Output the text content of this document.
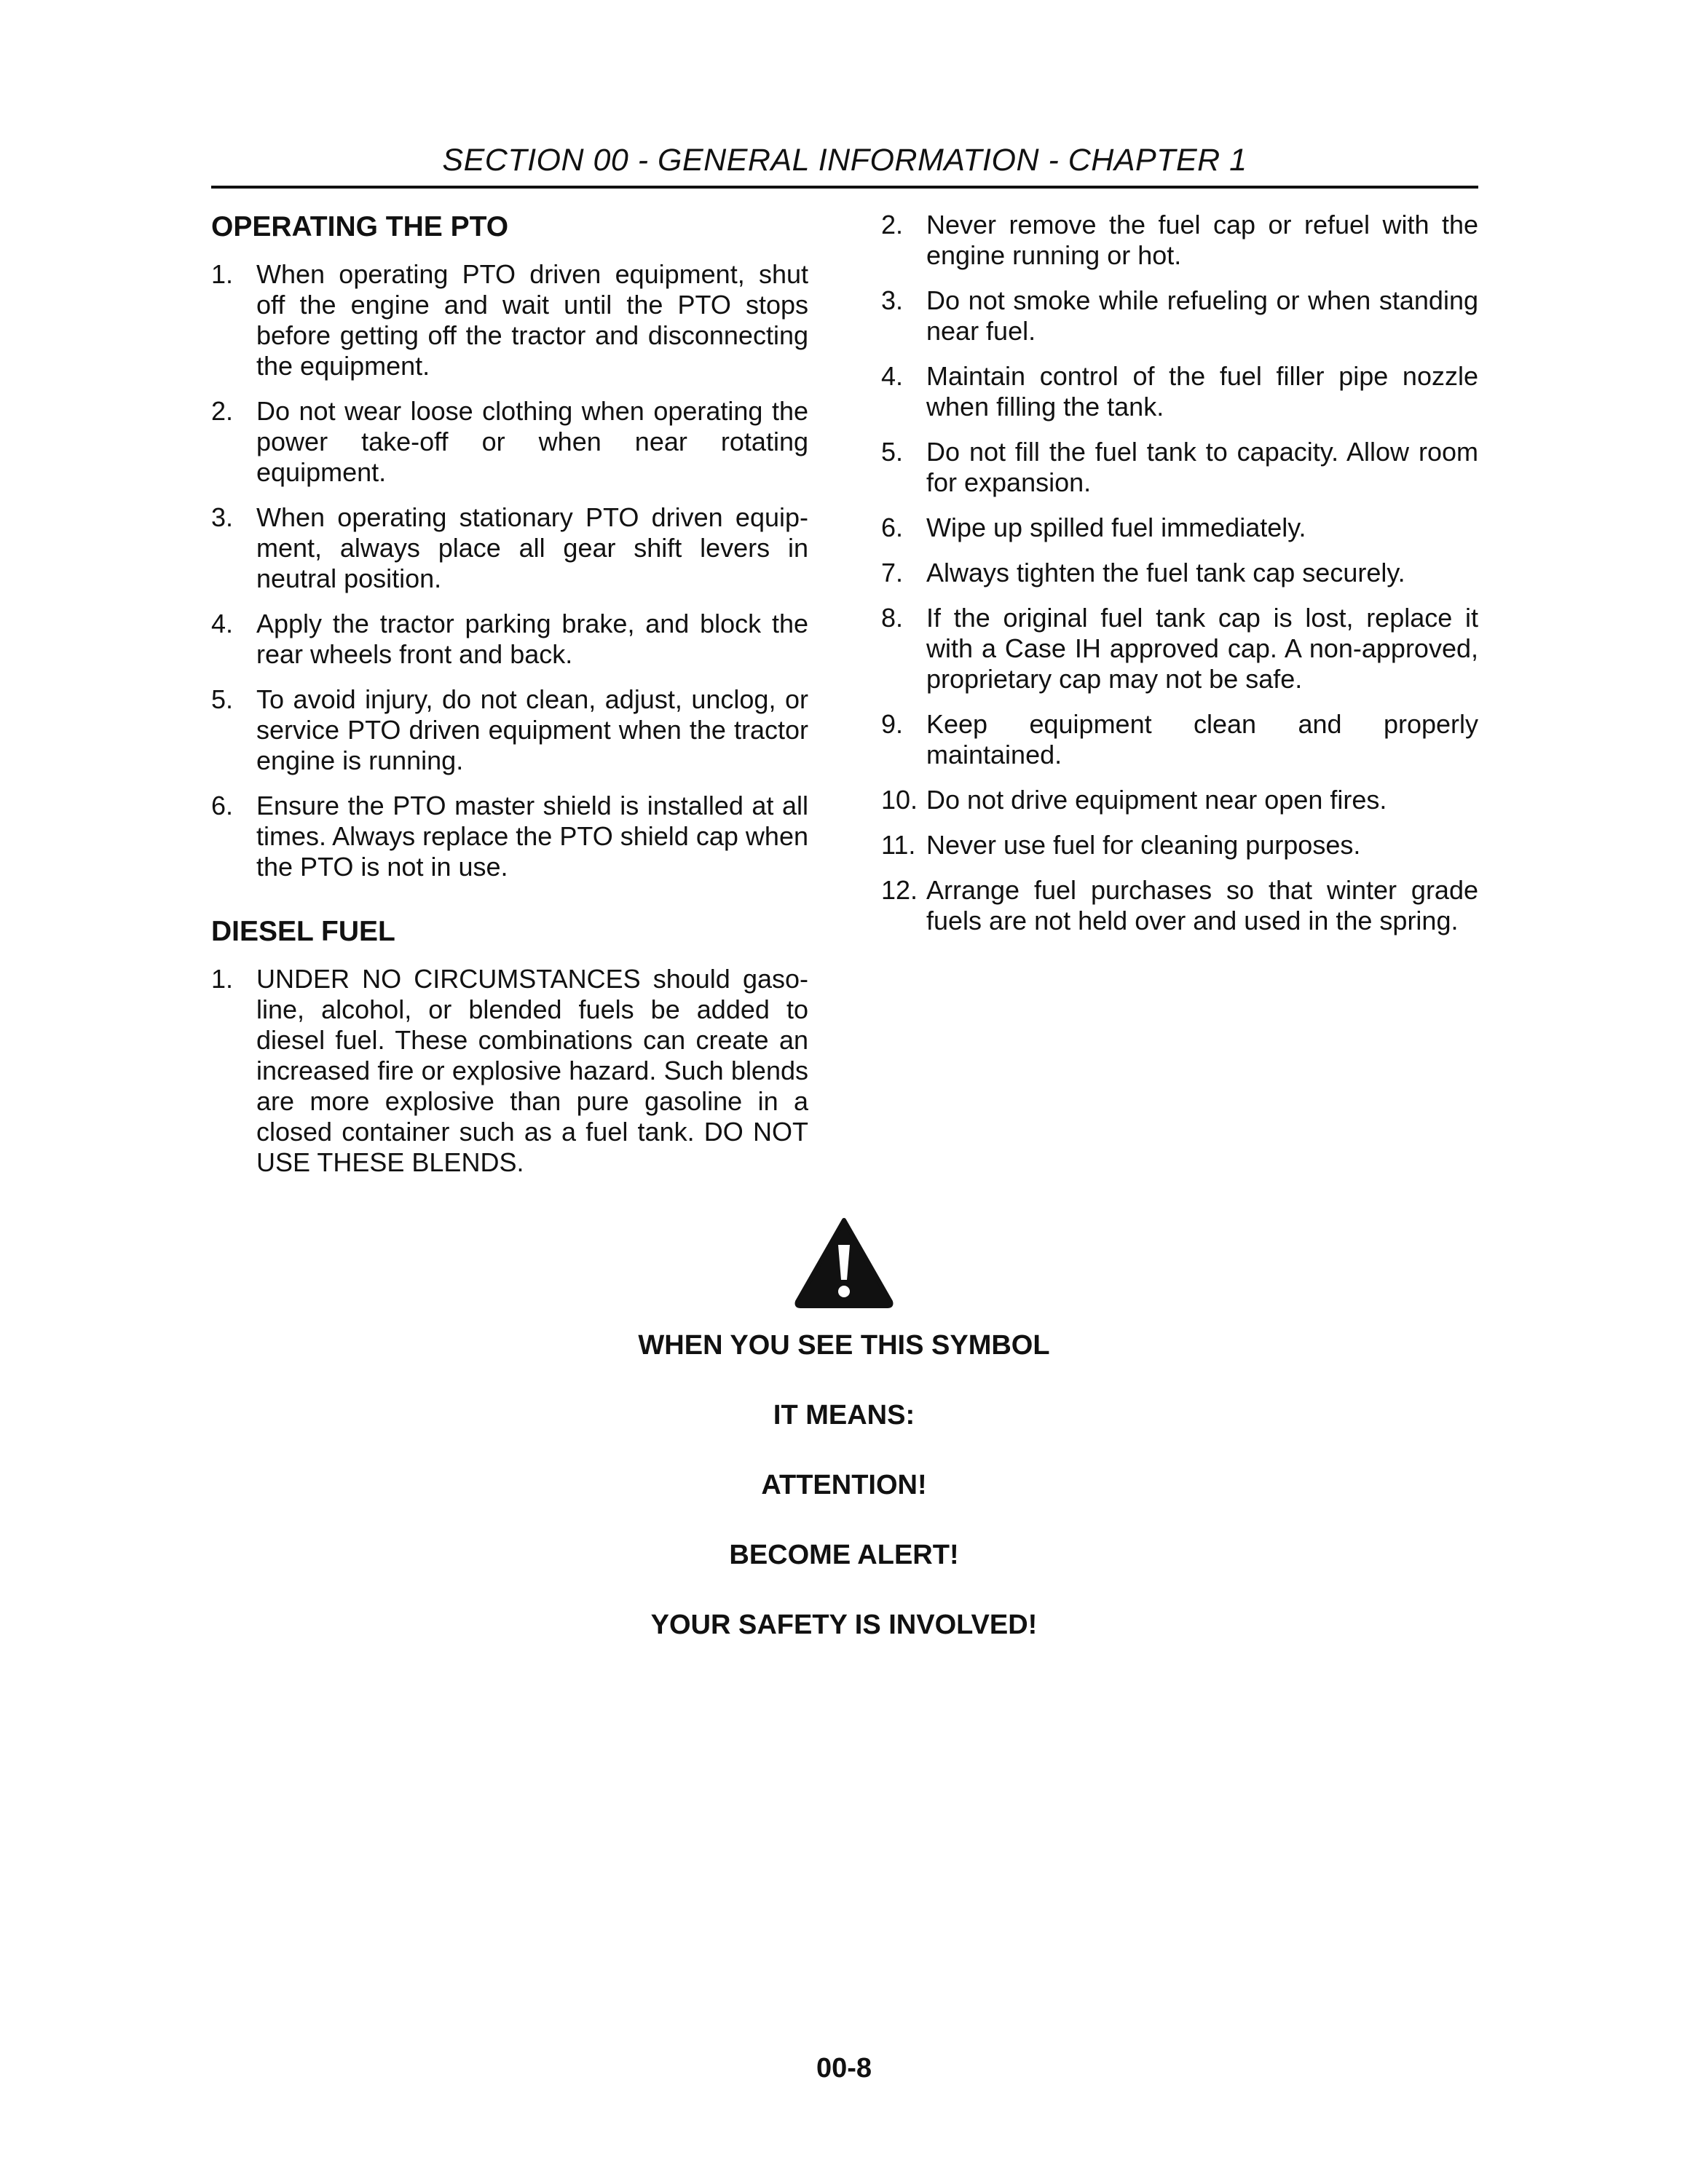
SECTION 00 - GENERAL INFORMATION - CHAPTER 1
OPERATING THE PTO
1. When operating PTO driven equipment, shut off the engine and wait until the PTO stops before getting off the tractor and disconnecting the equipment.
2. Do not wear loose clothing when operating the power take-off or when near rotating equipment.
3. When operating stationary PTO driven equip-ment, always place all gear shift levers in neutral position.
4. Apply the tractor parking brake, and block the rear wheels front and back.
5. To avoid injury, do not clean, adjust, unclog, or service PTO driven equipment when the tractor engine is running.
6. Ensure the PTO master shield is installed at all times. Always replace the PTO shield cap when the PTO is not in use.
DIESEL FUEL
1. UNDER NO CIRCUMSTANCES should gaso-line, alcohol, or blended fuels be added to diesel fuel. These combinations can create an increased fire or explosive hazard. Such blends are more explosive than pure gasoline in a closed container such as a fuel tank. DO NOT USE THESE BLENDS.
2. Never remove the fuel cap or refuel with the engine running or hot.
3. Do not smoke while refueling or when standing near fuel.
4. Maintain control of the fuel filler pipe nozzle when filling the tank.
5. Do not fill the fuel tank to capacity. Allow room for expansion.
6. Wipe up spilled fuel immediately.
7. Always tighten the fuel tank cap securely.
8. If the original fuel tank cap is lost, replace it with a Case IH approved cap. A non-approved, proprietary cap may not be safe.
9. Keep equipment clean and properly maintained.
10. Do not drive equipment near open fires.
11. Never use fuel for cleaning purposes.
12. Arrange fuel purchases so that winter grade fuels are not held over and used in the spring.
WHEN YOU SEE THIS SYMBOL
IT MEANS:
ATTENTION!
BECOME ALERT!
YOUR SAFETY IS INVOLVED!
00-8
